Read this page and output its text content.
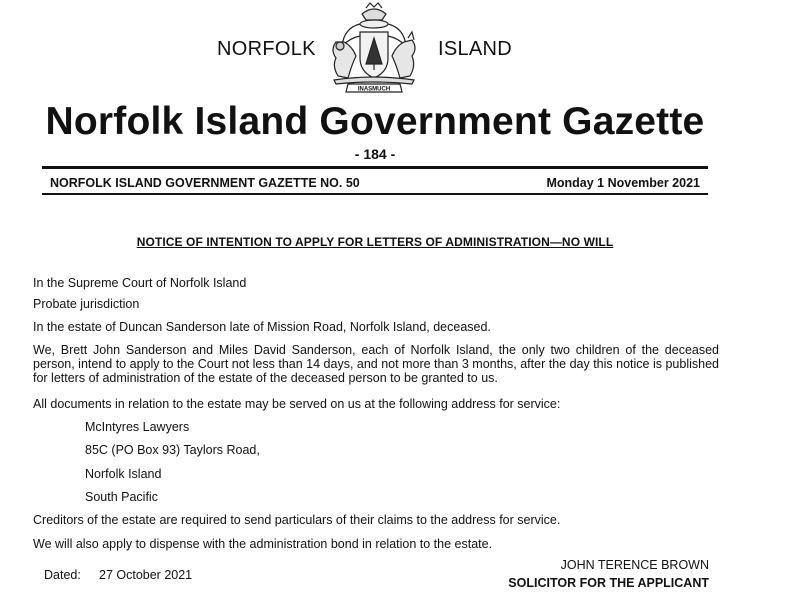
NORFOLK	ISLAND
INASMUCH
Norfolk Island Government Gazette
- 184 -
NORFOLK ISLAND GOVERNMENT GAZETTE NO. 50	Monday 1 November 2021
NOTICE OF INTENTION TO APPLY FOR LETTERS OF ADMINISTRATION—NO WILL
In the Supreme Court of Norfolk Island
Probate jurisdiction
In the estate of Duncan Sanderson late of Mission Road, Norfolk Island, deceased.
We, Brett John Sanderson and Miles David Sanderson, each of Norfolk Island, the only two children of the deceased person, intend to apply to the Court not less than 14 days, and not more than 3 months, after the day this notice is published for letters of administration of the estate of the deceased person to be granted to us.
All documents in relation to the estate may be served on us at the following address for service:
McIntyres Lawyers
85C (PO Box 93) Taylors Road,
Norfolk Island
South Pacific
Creditors of the estate are required to send particulars of their claims to the address for service.
We will also apply to dispense with the administration bond in relation to the estate.
Dated: 27 October 2021
JOHN TERENCE BROWN
SOLICITOR FOR THE APPLICANT
